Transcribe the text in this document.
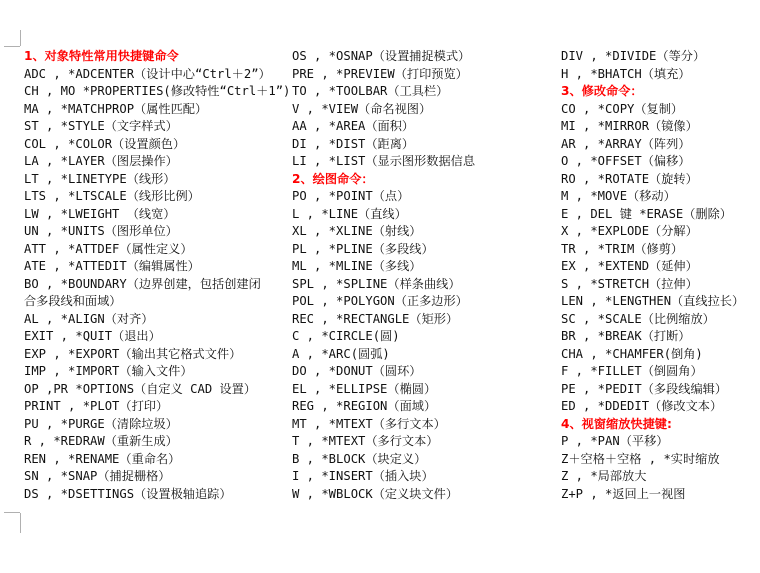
1、对象特性常用快捷键命令
ADC , *ADCENTER（设计中心“Ctrl＋2”）
CH , MO *PROPERTIES(修改特性“Ctrl＋1”)
MA , *MATCHPROP（属性匹配）
ST , *STYLE（文字样式）
COL , *COLOR（设置颜色）
LA , *LAYER（图层操作）
LT , *LINETYPE（线形）
LTS , *LTSCALE（线形比例）
LW , *LWEIGHT （线宽）
UN , *UNITS（图形单位）
ATT , *ATTDEF（属性定义）
ATE , *ATTEDIT（编辑属性）
BO , *BOUNDARY（边界创建，包括创建闭
合多段线和面域）
AL , *ALIGN（对齐）
EXIT , *QUIT（退出）
EXP , *EXPORT（输出其它格式文件）
IMP , *IMPORT（输入文件）
OP ,PR *OPTIONS（自定义 CAD 设置）
PRINT , *PLOT（打印）
PU , *PURGE（清除垃圾）
R , *REDRAW（重新生成）
REN , *RENAME（重命名）
SN , *SNAP（捕捉栅格）
DS , *DSETTINGS（设置极轴追踪）
OS , *OSNAP（设置捕捉模式）
PRE , *PREVIEW（打印预览）
TO , *TOOLBAR（工具栏）
V , *VIEW（命名视图）
AA , *AREA（面积）
DI , *DIST（距离）
LI , *LIST（显示图形数据信息
2、绘图命令：
PO , *POINT（点）
L , *LINE（直线）
XL , *XLINE（射线）
PL , *PLINE（多段线）
ML , *MLINE（多线）
SPL , *SPLINE（样条曲线）
POL , *POLYGON（正多边形）
REC , *RECTANGLE（矩形）
C , *CIRCLE(圆)
A , *ARC(圆弧)
DO , *DONUT（圆环）
EL , *ELLIPSE（椭圆）
REG , *REGION（面域）
MT , *MTEXT（多行文本）
T , *MTEXT（多行文本）
B , *BLOCK（块定义）
I , *INSERT（插入块）
W , *WBLOCK（定义块文件）
DIV , *DIVIDE（等分）
H , *BHATCH（填充）
3、修改命令：
CO , *COPY（复制）
MI , *MIRROR（镜像）
AR , *ARRAY（阵列）
O , *OFFSET（偏移）
RO , *ROTATE（旋转）
M , *MOVE（移动）
E , DEL 键 *ERASE（删除）
X , *EXPLODE（分解）
TR , *TRIM（修剪）
EX , *EXTEND（延伸）
S , *STRETCH（拉伸）
LEN , *LENGTHEN（直线拉长）
SC , *SCALE（比例缩放）
BR , *BREAK（打断）
CHA , *CHAMFER(倒角)
F , *FILLET（倒圆角）
PE , *PEDIT（多段线编辑）
ED , *DDEDIT（修改文本）
4、视窗缩放快捷键:
P , *PAN（平移）
Z＋空格＋空格 , *实时缩放
Z , *局部放大
Z+P , *返回上一视图
